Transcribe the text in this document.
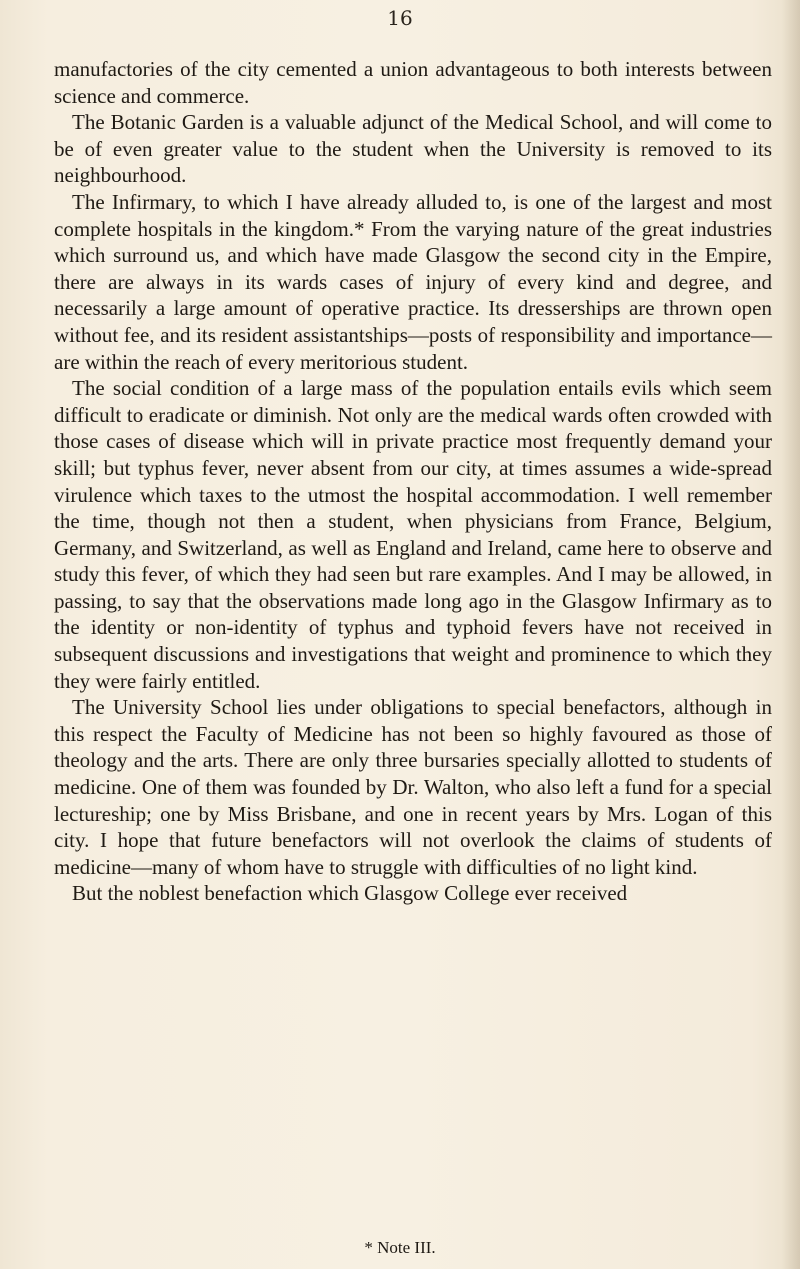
16

manufactories of the city cemented a union advantageous to both interests between science and commerce.

The Botanic Garden is a valuable adjunct of the Medical School, and will come to be of even greater value to the student when the University is removed to its neighbourhood.

The Infirmary, to which I have already alluded to, is one of the largest and most complete hospitals in the kingdom.* From the varying nature of the great industries which surround us, and which have made Glasgow the second city in the Empire, there are always in its wards cases of injury of every kind and degree, and necessarily a large amount of operative practice. Its dresserships are thrown open without fee, and its resident assistantships—posts of responsibility and importance—are within the reach of every meritorious student.

The social condition of a large mass of the population entails evils which seem difficult to eradicate or diminish. Not only are the medical wards often crowded with those cases of disease which will in private practice most frequently demand your skill; but typhus fever, never absent from our city, at times assumes a wide-spread virulence which taxes to the utmost the hospital accommodation. I well remember the time, though not then a student, when physicians from France, Belgium, Germany, and Switzerland, as well as England and Ireland, came here to observe and study this fever, of which they had seen but rare examples. And I may be allowed, in passing, to say that the observations made long ago in the Glasgow Infirmary as to the identity or non-identity of typhus and typhoid fevers have not received in subsequent discussions and investigations that weight and prominence to which they they were fairly entitled.

The University School lies under obligations to special benefactors, although in this respect the Faculty of Medicine has not been so highly favoured as those of theology and the arts. There are only three bursaries specially allotted to students of medicine. One of them was founded by Dr. Walton, who also left a fund for a special lectureship; one by Miss Brisbane, and one in recent years by Mrs. Logan of this city. I hope that future benefactors will not overlook the claims of students of medicine—many of whom have to struggle with difficulties of no light kind.

But the noblest benefaction which Glasgow College ever received

* Note III.
